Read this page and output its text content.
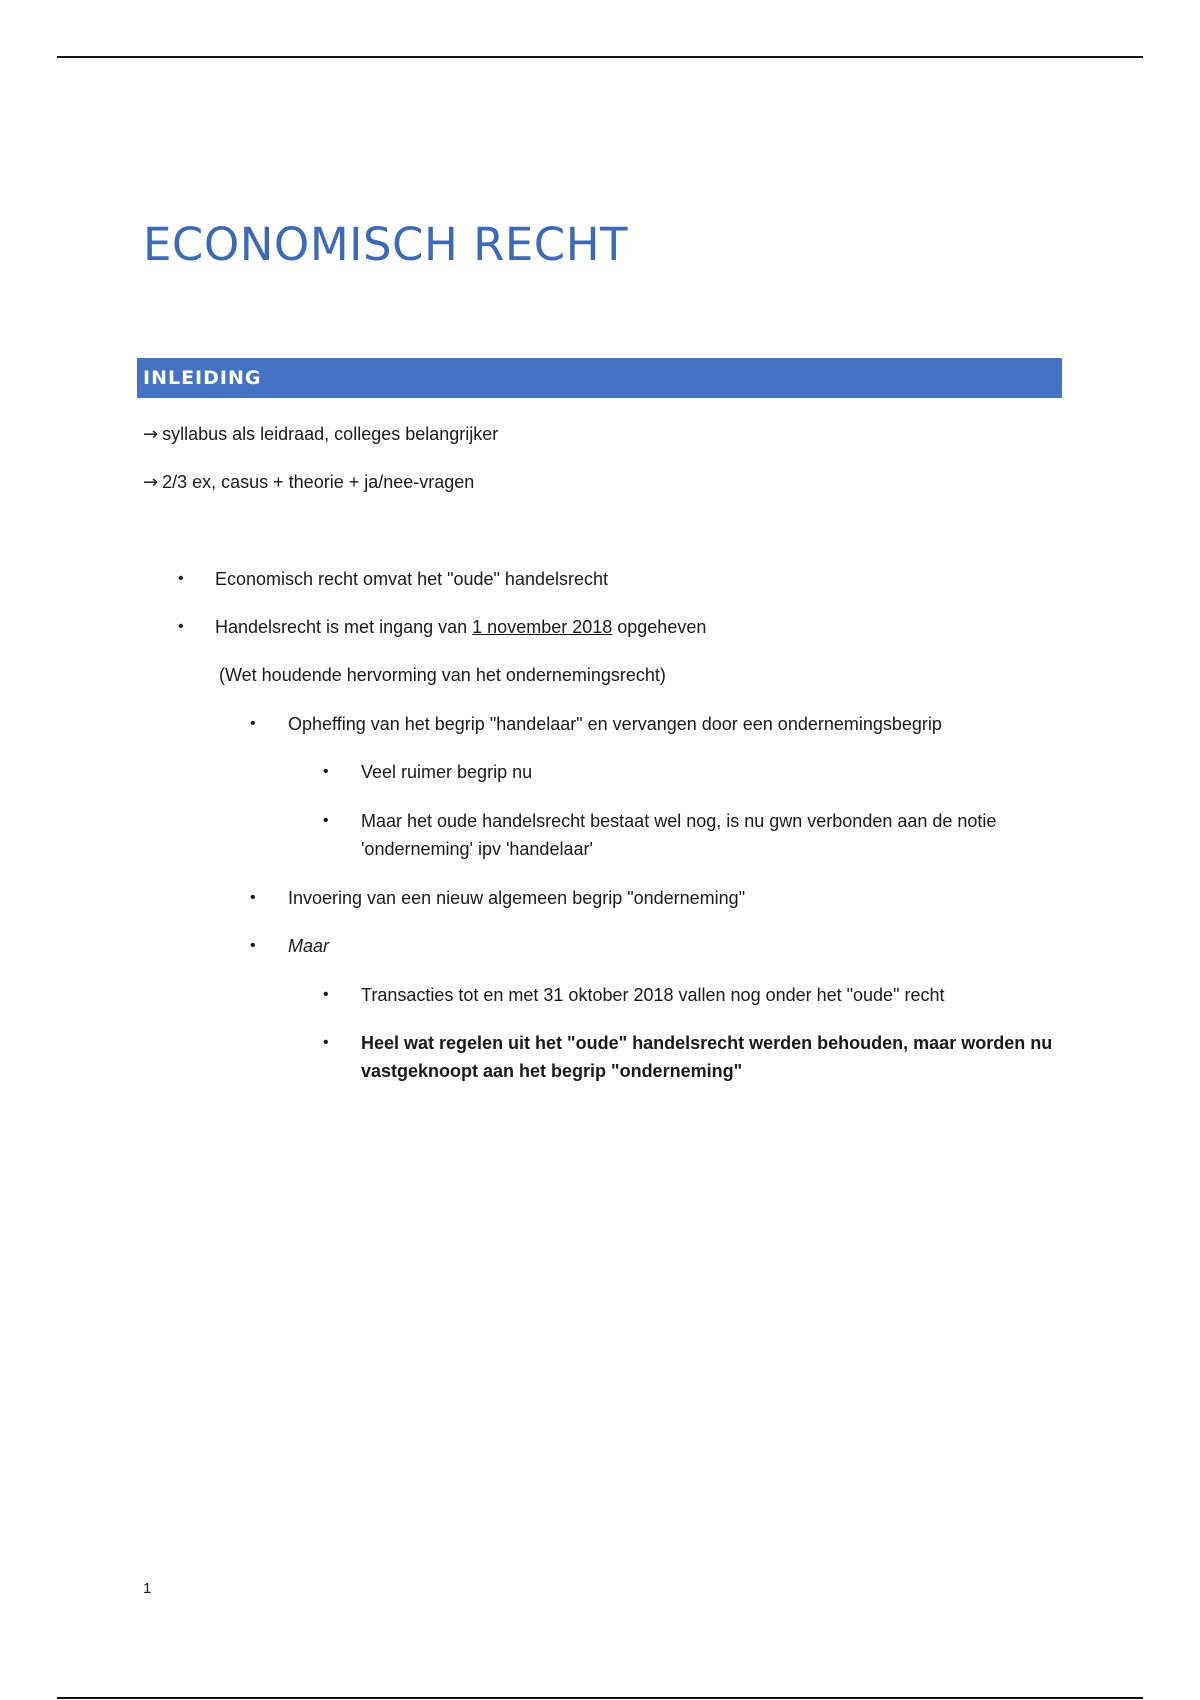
ECONOMISCH RECHT
INLEIDING
→ syllabus als leidraad, colleges belangrijker
→ 2/3 ex, casus + theorie + ja/nee-vragen
• Economisch recht omvat het "oude" handelsrecht
• Handelsrecht is met ingang van 1 november 2018 opgeheven
(Wet houdende hervorming van het ondernemingsrecht)
• Opheffing van het begrip "handelaar" en vervangen door een ondernemingsbegrip
• Veel ruimer begrip nu
• Maar het oude handelsrecht bestaat wel nog, is nu gwn verbonden aan de notie
'onderneming' ipv 'handelaar'
• Invoering van een nieuw algemeen begrip "onderneming"
• Maar
• Transacties tot en met 31 oktober 2018 vallen nog onder het "oude" recht
• Heel wat regelen uit het "oude" handelsrecht werden behouden, maar worden nu
vastgeknoopt aan het begrip "onderneming"
1
